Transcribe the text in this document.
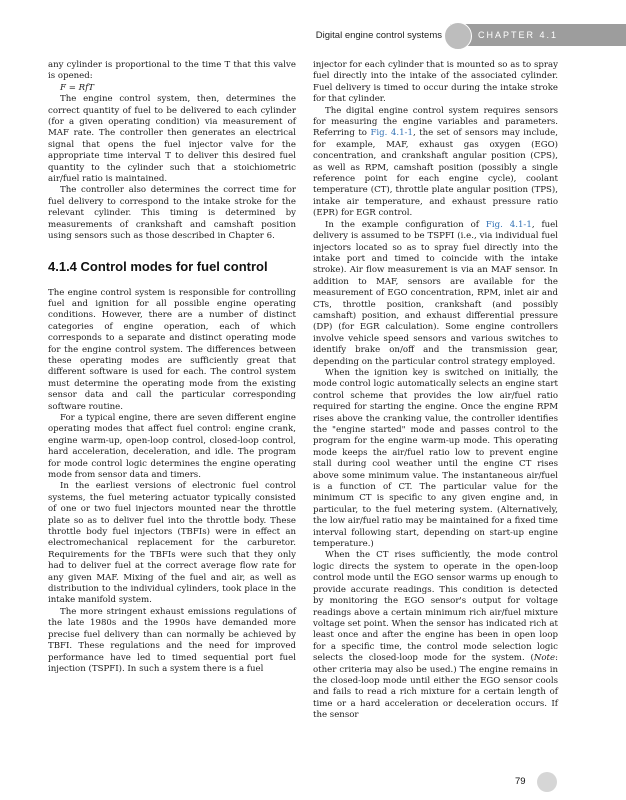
Digital engine control systems	CHAPTER 4.1

any cylinder is proportional to the time T that this valve is opened:

F = RfT

The engine control system, then, determines the correct quantity of fuel to be delivered to each cylinder (for a given operating condition) via measurement of MAF rate. The controller then generates an electrical signal that opens the fuel injector valve for the appropriate time interval T to deliver this desired fuel quantity to the cylinder such that a stoichiometric air/fuel ratio is maintained.

The controller also determines the correct time for fuel delivery to correspond to the intake stroke for the relevant cylinder. This timing is determined by measurements of crankshaft and camshaft position using sensors such as those described in Chapter 6.

4.1.4 Control modes for fuel control

The engine control system is responsible for controlling fuel and ignition for all possible engine operating conditions. However, there are a number of distinct categories of engine operation, each of which corresponds to a separate and distinct operating mode for the engine control system. The differences between these operating modes are sufficiently great that different software is used for each. The control system must determine the operating mode from the existing sensor data and call the particular corresponding software routine.

For a typical engine, there are seven different engine operating modes that affect fuel control: engine crank, engine warm-up, open-loop control, closed-loop control, hard acceleration, deceleration, and idle. The program for mode control logic determines the engine operating mode from sensor data and timers.

In the earliest versions of electronic fuel control systems, the fuel metering actuator typically consisted of one or two fuel injectors mounted near the throttle plate so as to deliver fuel into the throttle body. These throttle body fuel injectors (TBFIs) were in effect an electromechanical replacement for the carburetor. Requirements for the TBFIs were such that they only had to deliver fuel at the correct average flow rate for any given MAF. Mixing of the fuel and air, as well as distribution to the individual cylinders, took place in the intake manifold system.

The more stringent exhaust emissions regulations of the late 1980s and the 1990s have demanded more precise fuel delivery than can normally be achieved by TBFI. These regulations and the need for improved performance have led to timed sequential port fuel injection (TSPFI). In such a system there is a fuel

injector for each cylinder that is mounted so as to spray fuel directly into the intake of the associated cylinder. Fuel delivery is timed to occur during the intake stroke for that cylinder.

The digital engine control system requires sensors for measuring the engine variables and parameters. Referring to Fig. 4.1-1, the set of sensors may include, for example, MAF, exhaust gas oxygen (EGO) concentration, and crankshaft angular position (CPS), as well as RPM, camshaft position (possibly a single reference point for each engine cycle), coolant temperature (CT), throttle plate angular position (TPS), intake air temperature, and exhaust pressure ratio (EPR) for EGR control.

In the example configuration of Fig. 4.1-1, fuel delivery is assumed to be TSPFI (i.e., via individual fuel injectors located so as to spray fuel directly into the intake port and timed to coincide with the intake stroke). Air flow measurement is via an MAF sensor. In addition to MAF, sensors are available for the measurement of EGO concentration, RPM, inlet air and CTs, throttle position, crankshaft (and possibly camshaft) position, and exhaust differential pressure (DP) (for EGR calculation). Some engine controllers involve vehicle speed sensors and various switches to identify brake on/off and the transmission gear, depending on the particular control strategy employed.

When the ignition key is switched on initially, the mode control logic automatically selects an engine start control scheme that provides the low air/fuel ratio required for starting the engine. Once the engine RPM rises above the cranking value, the controller identifies the "engine started" mode and passes control to the program for the engine warm-up mode. This operating mode keeps the air/fuel ratio low to prevent engine stall during cool weather until the engine CT rises above some minimum value. The instantaneous air/fuel is a function of CT. The particular value for the minimum CT is specific to any given engine and, in particular, to the fuel metering system. (Alternatively, the low air/fuel ratio may be maintained for a fixed time interval following start, depending on start-up engine temperature.)

When the CT rises sufficiently, the mode control logic directs the system to operate in the open-loop control mode until the EGO sensor warms up enough to provide accurate readings. This condition is detected by monitoring the EGO sensor's output for voltage readings above a certain minimum rich air/fuel mixture voltage set point. When the sensor has indicated rich at least once and after the engine has been in open loop for a specific time, the control mode selection logic selects the closed-loop mode for the system. (Note: other criteria may also be used.) The engine remains in the closed-loop mode until either the EGO sensor cools and fails to read a rich mixture for a certain length of time or a hard acceleration or deceleration occurs. If the sensor

79
